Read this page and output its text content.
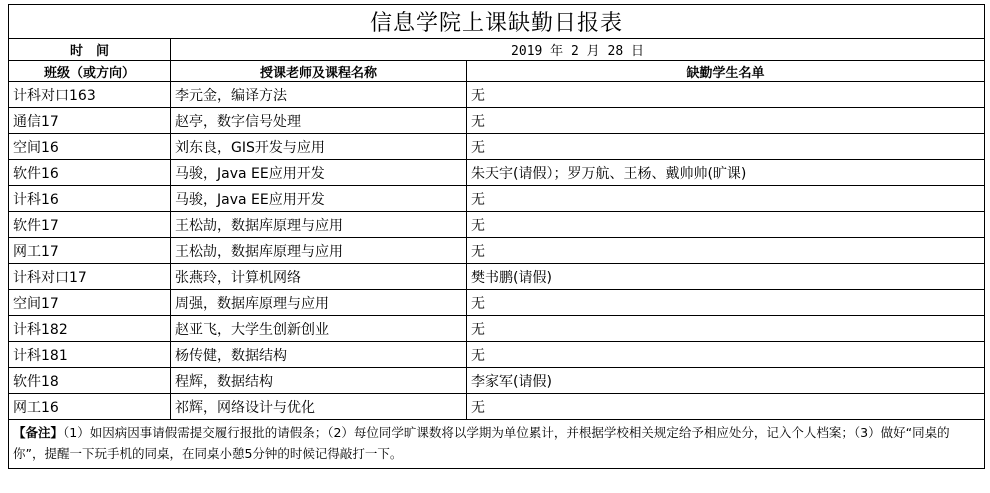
信息学院上课缺勤日报表		
时　间	2019 年 2 月 28 日	
班级（或方向）	授课老师及课程名称	缺勤学生名单
计科对口163	李元金，编译方法	无
通信17	赵亭，数字信号处理	无
空间16	刘东良，GIS开发与应用	无
软件16	马骏，Java EE应用开发	朱天宇(请假）；罗万航、王杨、戴帅帅(旷课)
计科16	马骏，Java EE应用开发	无
软件17	王松劼，数据库原理与应用	无
网工17	王松劼，数据库原理与应用	无
计科对口17	张燕玲，计算机网络	樊书鹏(请假)
空间17	周强，数据库原理与应用	无
计科182	赵亚飞，大学生创新创业	无
计科181	杨传健，数据结构	无
软件18	程辉，数据结构	李家军(请假)
网工16	祁辉，网络设计与优化	无
【备注】（1）如因病因事请假需提交履行报批的请假条；（2）每位同学旷课数将以学期为单位累计，并根据学校相关规定给予相应处分，记入个人档案；（3）做好“同桌的你”，提醒一下玩手机的同桌，在同桌小憩5分钟的时候记得敲打一下。		
